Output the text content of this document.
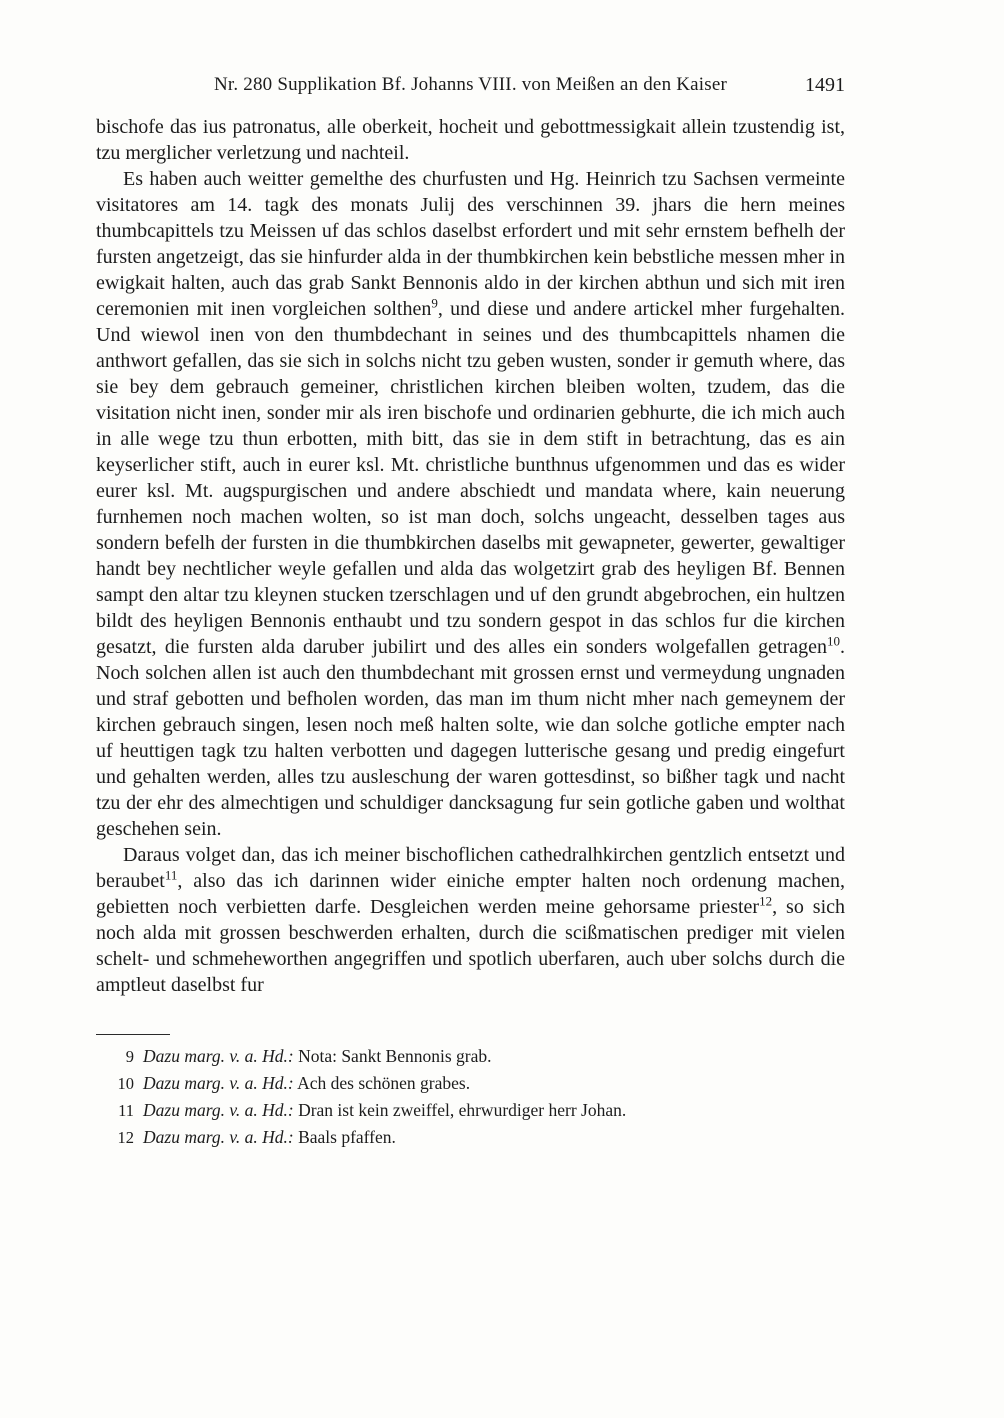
Nr. 280 Supplikation Bf. Johanns VIII. von Meißen an den Kaiser	1491

bischofe das ius patronatus, alle oberkeit, hocheit und gebottmessigkait allein tzustendig ist, tzu merglicher verletzung und nachteil.

Es haben auch weitter gemelthe des churfusten und Hg. Heinrich tzu Sachsen vermeinte visitatores am 14. tagk des monats Julij des verschinnen 39. jhars die hern meines thumbcapittels tzu Meissen uf das schlos daselbst erfordert und mit sehr ernstem befhelh der fursten angetzeigt, das sie hinfurder alda in der thumbkirchen kein bebstliche messen mher in ewigkait halten, auch das grab Sankt Bennonis aldo in der kirchen abthun und sich mit iren ceremonien mit inen vorgleichen solthen$^9$, und diese und andere artickel mher furgehalten. Und wiewol inen von den thumbdechant in seines und des thumbcapittels nhamen die anthwort gefallen, das sie sich in solchs nicht tzu geben wusten, sonder ir gemuth where, das sie bey dem gebrauch gemeiner, christlichen kirchen bleiben wolten, tzudem, das die visitation nicht inen, sonder mir als iren bischofe und ordinarien gebhurte, die ich mich auch in alle wege tzu thun erbotten, mith bitt, das sie in dem stift in betrachtung, das es ain keyserlicher stift, auch in eurer ksl. Mt. christliche bunthnus ufgenommen und das es wider eurer ksl. Mt. augspurgischen und andere abschiedt und mandata where, kain neuerung furnhemen noch machen wolten, so ist man doch, solchs ungeacht, desselben tages aus sondern befelh der fursten in die thumbkirchen daselbs mit gewapneter, gewerter, gewaltiger handt bey nechtlicher weyle gefallen und alda das wolgetzirt grab des heyligen Bf. Bennen sampt den altar tzu kleynen stucken tzerschlagen und uf den grundt abgebrochen, ein hultzen bildt des heyligen Bennonis enthaubt und tzu sondern gespot in das schlos fur die kirchen gesatzt, die fursten alda daruber jubilirt und des alles ein sonders wolgefallen getragen$^{10}$. Noch solchen allen ist auch den thumbdechant mit grossen ernst und vermeydung ungnaden und straf gebotten und befholen worden, das man im thum nicht mher nach gemeynem der kirchen gebrauch singen, lesen noch meß halten solte, wie dan solche gotliche empter nach uf heuttigen tagk tzu halten verbotten und dagegen lutterische gesang und predig eingefurt und gehalten werden, alles tzu ausleschung der waren gottesdinst, so bißher tagk und nacht tzu der ehr des almechtigen und schuldiger dancksagung fur sein gotliche gaben und wolthat geschehen sein.

Daraus volget dan, das ich meiner bischoflichen cathedralhkirchen gentzlich entsetzt und beraubet$^{11}$, also das ich darinnen wider einiche empter halten noch ordenung machen, gebietten noch verbietten darfe. Desgleichen werden meine gehorsame priester$^{12}$, so sich noch alda mit grossen beschwerden erhalten, durch die scißmatischen prediger mit vielen schelt- und schmeheworthen angegriffen und spotlich uberfaren, auch uber solchs durch die amptleut daselbst fur

9 Dazu marg. v. a. Hd.: Nota: Sankt Bennonis grab.
10 Dazu marg. v. a. Hd.: Ach des schönen grabes.
11 Dazu marg. v. a. Hd.: Dran ist kein zweiffel, ehrwurdiger herr Johan.
12 Dazu marg. v. a. Hd.: Baals pfaffen.
